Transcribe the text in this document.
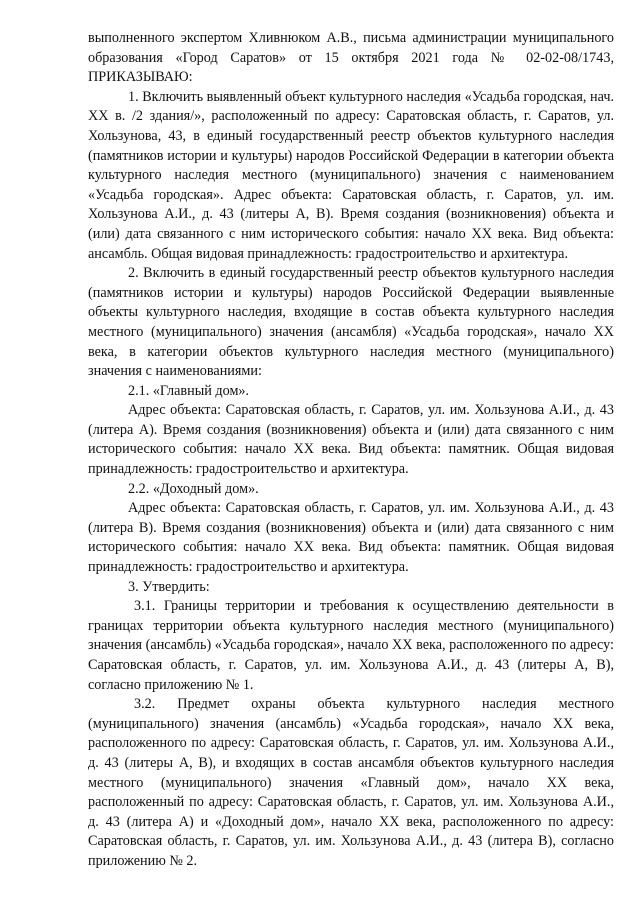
выполненного экспертом Хливнюком А.В., письма администрации муниципального образования «Город Саратов» от 15 октября 2021 года № 02-02-08/1743, ПРИКАЗЫВАЮ:

1. Включить выявленный объект культурного наследия «Усадьба городская, нач. XX в. /2 здания/», расположенный по адресу: Саратовская область, г. Саратов, ул. Хользунова, 43, в единый государственный реестр объектов культурного наследия (памятников истории и культуры) народов Российской Федерации в категории объекта культурного наследия местного (муниципального) значения с наименованием «Усадьба городская». Адрес объекта: Саратовская область, г. Саратов, ул. им. Хользунова А.И., д. 43 (литеры А, В). Время создания (возникновения) объекта и (или) дата связанного с ним исторического события: начало XX века. Вид объекта: ансамбль. Общая видовая принадлежность: градостроительство и архитектура.

2. Включить в единый государственный реестр объектов культурного наследия (памятников истории и культуры) народов Российской Федерации выявленные объекты культурного наследия, входящие в состав объекта культурного наследия местного (муниципального) значения (ансамбля) «Усадьба городская», начало XX века, в категории объектов культурного наследия местного (муниципального) значения с наименованиями:

2.1. «Главный дом».

Адрес объекта: Саратовская область, г. Саратов, ул. им. Хользунова А.И., д. 43 (литера А). Время создания (возникновения) объекта и (или) дата связанного с ним исторического события: начало XX века. Вид объекта: памятник. Общая видовая принадлежность: градостроительство и архитектура.

2.2. «Доходный дом».

Адрес объекта: Саратовская область, г. Саратов, ул. им. Хользунова А.И., д. 43 (литера В). Время создания (возникновения) объекта и (или) дата связанного с ним исторического события: начало XX века. Вид объекта: памятник. Общая видовая принадлежность: градостроительство и архитектура.

3. Утвердить:

3.1. Границы территории и требования к осуществлению деятельности в границах территории объекта культурного наследия местного (муниципального) значения (ансамбль) «Усадьба городская», начало XX века, расположенного по адресу: Саратовская область, г. Саратов, ул. им. Хользунова А.И., д. 43 (литеры А, В), согласно приложению № 1.

3.2. Предмет охраны объекта культурного наследия местного (муниципального) значения (ансамбль) «Усадьба городская», начало XX века, расположенного по адресу: Саратовская область, г. Саратов, ул. им. Хользунова А.И., д. 43 (литеры А, В), и входящих в состав ансамбля объектов культурного наследия местного (муниципального) значения «Главный дом», начало XX века, расположенный по адресу: Саратовская область, г. Саратов, ул. им. Хользунова А.И., д. 43 (литера А) и «Доходный дом», начало XX века, расположенного по адресу: Саратовская область, г. Саратов, ул. им. Хользунова А.И., д. 43 (литера В), согласно приложению № 2.
